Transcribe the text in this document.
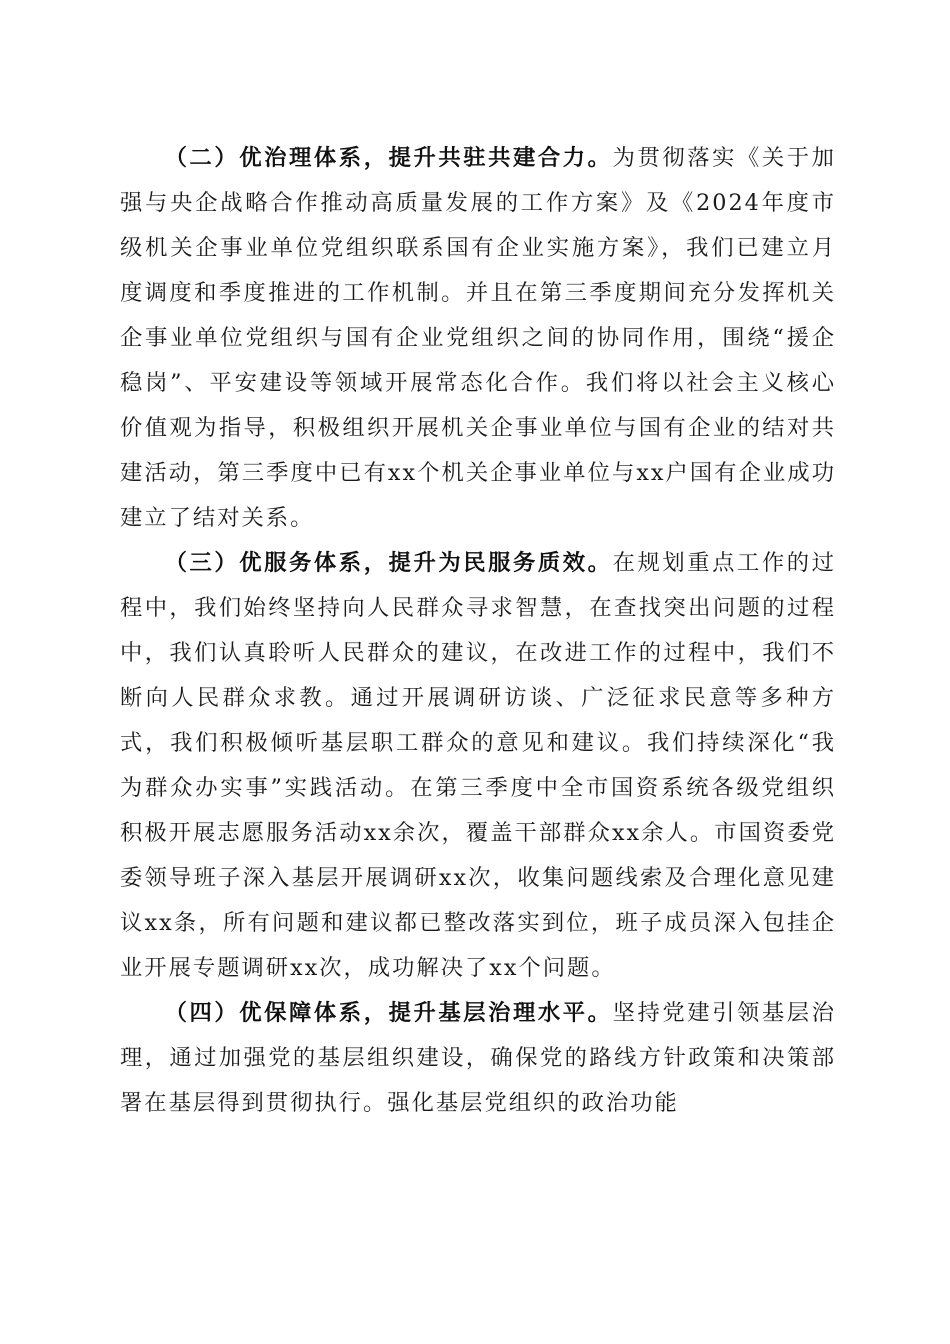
（二）优治理体系，提升共驻共建合力。为贯彻落实《关于加强与央企战略合作推动高质量发展的工作方案》及《2024年度市级机关企事业单位党组织联系国有企业实施方案》，我们已建立月度调度和季度推进的工作机制。并且在第三季度期间充分发挥机关企事业单位党组织与国有企业党组织之间的协同作用，围绕“援企稳岗”、平安建设等领域开展常态化合作。我们将以社会主义核心价值观为指导，积极组织开展机关企事业单位与国有企业的结对共建活动，第三季度中已有xx个机关企事业单位与xx户国有企业成功建立了结对关系。

（三）优服务体系，提升为民服务质效。在规划重点工作的过程中，我们始终坚持向人民群众寻求智慧，在查找突出问题的过程中，我们认真聆听人民群众的建议，在改进工作的过程中，我们不断向人民群众求教。通过开展调研访谈、广泛征求民意等多种方式，我们积极倾听基层职工群众的意见和建议。我们持续深化“我为群众办实事”实践活动。在第三季度中全市国资系统各级党组织积极开展志愿服务活动xx余次，覆盖干部群众xx余人。市国资委党委领导班子深入基层开展调研xx次，收集问题线索及合理化意见建议xx条，所有问题和建议都已整改落实到位，班子成员深入包挂企业开展专题调研xx次，成功解决了xx个问题。

（四）优保障体系，提升基层治理水平。坚持党建引领基层治理，通过加强党的基层组织建设，确保党的路线方针政策和决策部署在基层得到贯彻执行。强化基层党组织的政治功能
